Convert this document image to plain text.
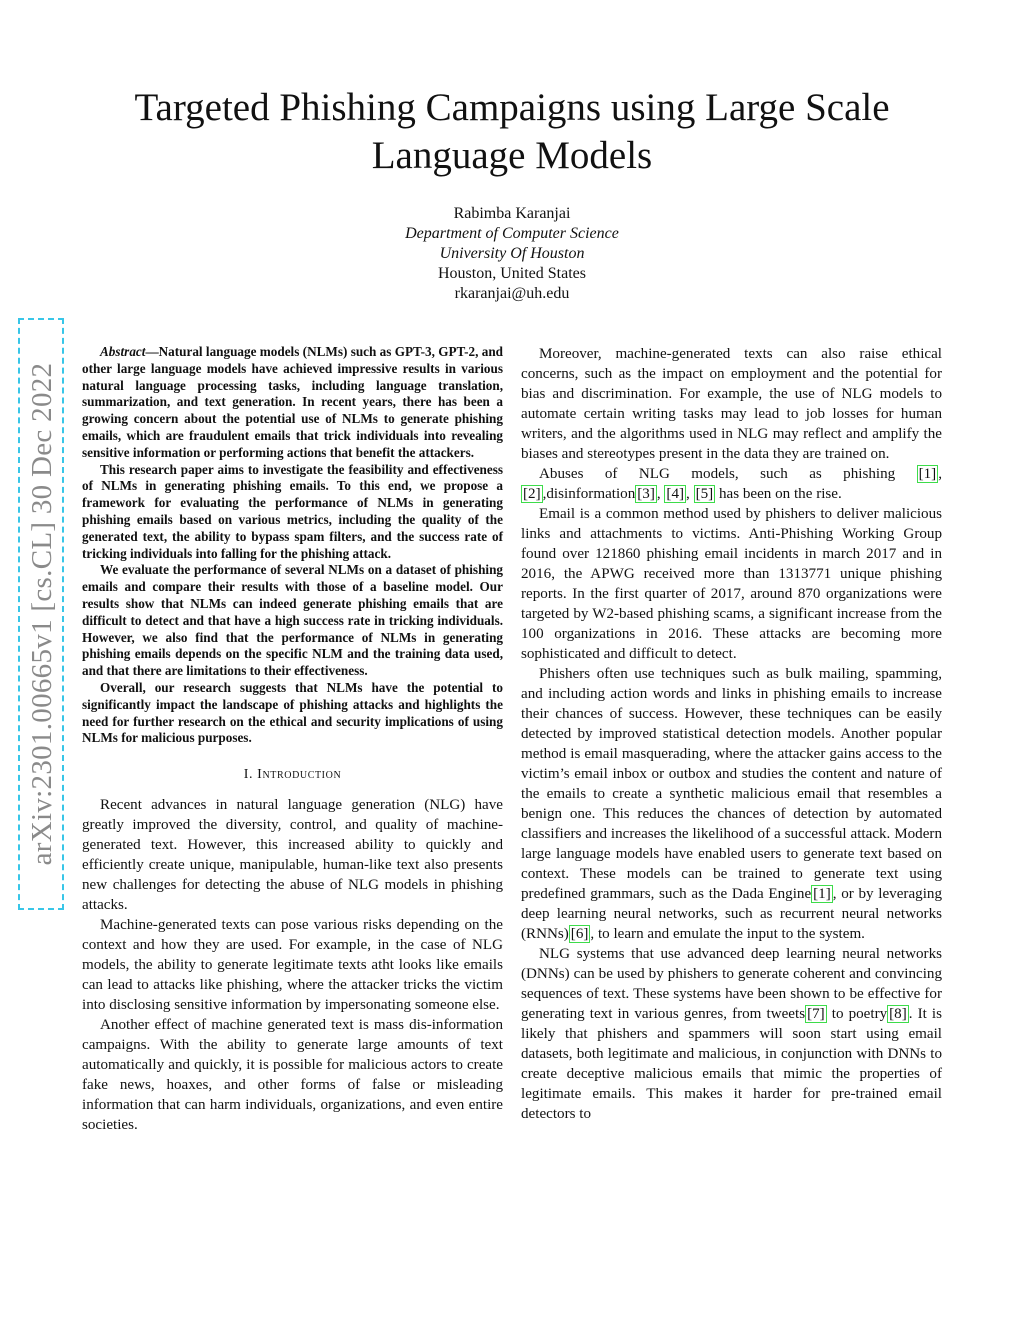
arXiv:2301.00665v1 [cs.CL] 30 Dec 2022
Targeted Phishing Campaigns using Large Scale
Language Models
Rabimba Karanjai
Department of Computer Science
University Of Houston
Houston, United States
rkaranjai@uh.edu

Abstract—Natural language models (NLMs) such as GPT-3, GPT-2, and other large language models have achieved impressive results in various natural language processing tasks, including language translation, summarization, and text generation. In recent years, there has been a growing concern about the potential use of NLMs to generate phishing emails, which are fraudulent emails that trick individuals into revealing sensitive information or performing actions that benefit the attackers.

This research paper aims to investigate the feasibility and effectiveness of NLMs in generating phishing emails. To this end, we propose a framework for evaluating the performance of NLMs in generating phishing emails based on various metrics, including the quality of the generated text, the ability to bypass spam filters, and the success rate of tricking individuals into falling for the phishing attack.

We evaluate the performance of several NLMs on a dataset of phishing emails and compare their results with those of a baseline model. Our results show that NLMs can indeed generate phishing emails that are difficult to detect and that have a high success rate in tricking individuals. However, we also find that the performance of NLMs in generating phishing emails depends on the specific NLM and the training data used, and that there are limitations to their effectiveness.

Overall, our research suggests that NLMs have the potential to significantly impact the landscape of phishing attacks and highlights the need for further research on the ethical and security implications of using NLMs for malicious purposes.

I. Introduction

Recent advances in natural language generation (NLG) have greatly improved the diversity, control, and quality of machine-generated text. However, this increased ability to quickly and efficiently create unique, manipulable, human-like text also presents new challenges for detecting the abuse of NLG models in phishing attacks.

Machine-generated texts can pose various risks depending on the context and how they are used. For example, in the case of NLG models, the ability to generate legitimate texts atht looks like emails can lead to attacks like phishing, where the attacker tricks the victim into disclosing sensitive information by impersonating someone else.

Another effect of machine generated text is mass dis-information campaigns. With the ability to generate large amounts of text automatically and quickly, it is possible for malicious actors to create fake news, hoaxes, and other forms of false or misleading information that can harm individuals, organizations, and even entire societies.

Moreover, machine-generated texts can also raise ethical concerns, such as the impact on employment and the potential for bias and discrimination. For example, the use of NLG models to automate certain writing tasks may lead to job losses for human writers, and the algorithms used in NLG may reflect and amplify the biases and stereotypes present in the data they are trained on.

Abuses of NLG models, such as phishing [1] , [2] ,disinformation [3] , [4] , [5] has been on the rise.

Email is a common method used by phishers to deliver malicious links and attachments to victims. Anti-Phishing Working Group found over 121860 phishing email incidents in march 2017 and in 2016, the APWG received more than 1313771 unique phishing reports. In the first quarter of 2017, around 870 organizations were targeted by W2-based phishing scams, a significant increase from the 100 organizations in 2016. These attacks are becoming more sophisticated and difficult to detect.

Phishers often use techniques such as bulk mailing, spamming, and including action words and links in phishing emails to increase their chances of success. However, these techniques can be easily detected by improved statistical detection models. Another popular method is email masquerading, where the attacker gains access to the victim’s email inbox or outbox and studies the content and nature of the emails to create a synthetic malicious email that resembles a benign one. This reduces the chances of detection by automated classifiers and increases the likelihood of a successful attack. Modern large language models have enabled users to generate text based on context. These models can be trained to generate text using predefined grammars, such as the Dada Engine [1] , or by leveraging deep learning neural networks, such as recurrent neural networks (RNNs) [6] , to learn and emulate the input to the system.

NLG systems that use advanced deep learning neural networks (DNNs) can be used by phishers to generate coherent and convincing sequences of text. These systems have been shown to be effective for generating text in various genres, from tweets [7] to poetry [8] . It is likely that phishers and spammers will soon start using email datasets, both legitimate and malicious, in conjunction with DNNs to create deceptive malicious emails that mimic the properties of legitimate emails. This makes it harder for pre-trained email detectors to
